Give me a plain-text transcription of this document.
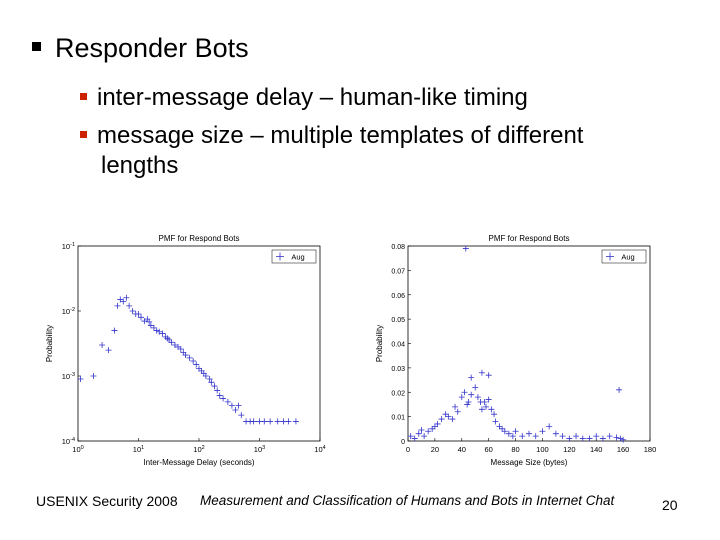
Responder Bots
inter-message delay – human-like timing
message size – multiple templates of different
lengths
PMF for Respond Bots
Inter-Message Delay (seconds)
Probability
$10^0$	$10^1$	$10^2$	$10^3$	$10^4$
$10^{-4}$
$10^{-3}$
$10^{-2}$
$10^{-1}$
Aug
PMF for Respond Bots
Message Size (bytes)
Probability
0	20 40 60 80 100 120 140 160 180
0
0.01
0.02
0.03
0.04
0.05
0.06
0.07
0.08
Aug
USENIX Security 2008 Measurement and Classification of Humans and Bots in Internet Chat	20
